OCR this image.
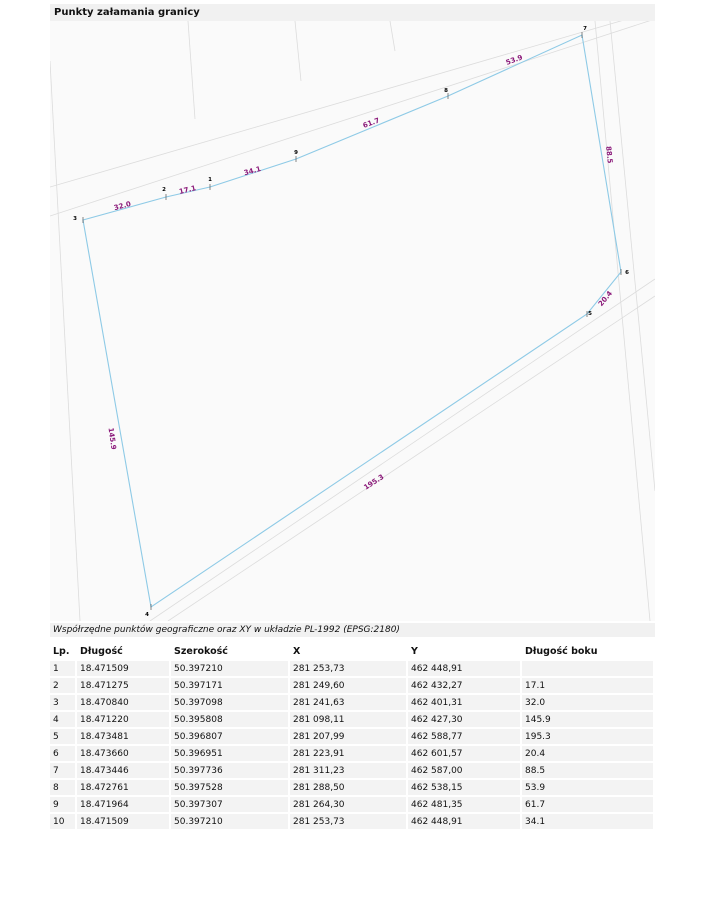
Punkty załamania granicy
1
2
3
4
5
6
7
8
9
17.1
32.0
145.9
195.3
20.4
88.5
53.9
61.7
34.1
Współrzędne punktów geograficzne oraz XY w układzie PL-1992 (EPSG:2180)
Lp.	Długość	Szerokość	X	Y	Długość boku
1	18.471509	50.397210	281 253,73	462 448,91	
2	18.471275	50.397171	281 249,60	462 432,27	17.1
3	18.470840	50.397098	281 241,63	462 401,31	32.0
4	18.471220	50.395808	281 098,11	462 427,30	145.9
5	18.473481	50.396807	281 207,99	462 588,77	195.3
6	18.473660	50.396951	281 223,91	462 601,57	20.4
7	18.473446	50.397736	281 311,23	462 587,00	88.5
8	18.472761	50.397528	281 288,50	462 538,15	53.9
9	18.471964	50.397307	281 264,30	462 481,35	61.7
10	18.471509	50.397210	281 253,73	462 448,91	34.1
